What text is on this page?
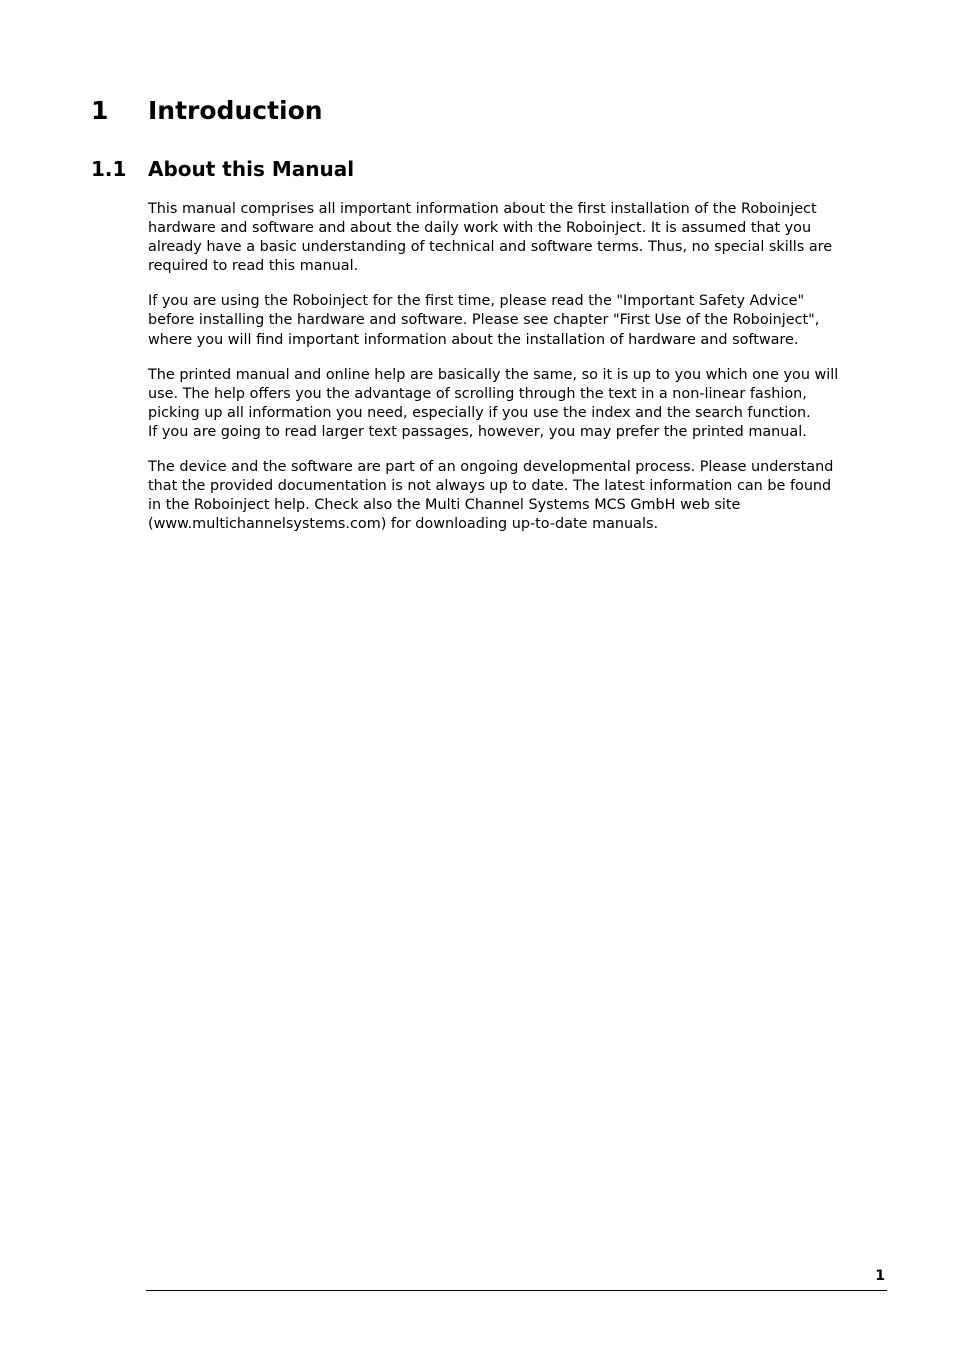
1	Introduction
1.1	About this Manual

This manual comprises all important information about the first installation of the Roboinject
hardware and software and about the daily work with the Roboinject. It is assumed that you
already have a basic understanding of technical and software terms. Thus, no special skills are
required to read this manual.

If you are using the Roboinject for the first time, please read the "Important Safety Advice"
before installing the hardware and software. Please see chapter "First Use of the Roboinject",
where you will find important information about the installation of hardware and software.

The printed manual and online help are basically the same, so it is up to you which one you will
use. The help offers you the advantage of scrolling through the text in a non-linear fashion,
picking up all information you need, especially if you use the index and the search function.
If you are going to read larger text passages, however, you may prefer the printed manual.

The device and the software are part of an ongoing developmental process. Please understand
that the provided documentation is not always up to date. The latest information can be found
in the Roboinject help. Check also the Multi Channel Systems MCS GmbH web site
(www.multichannelsystems.com) for downloading up-to-date manuals.

1
